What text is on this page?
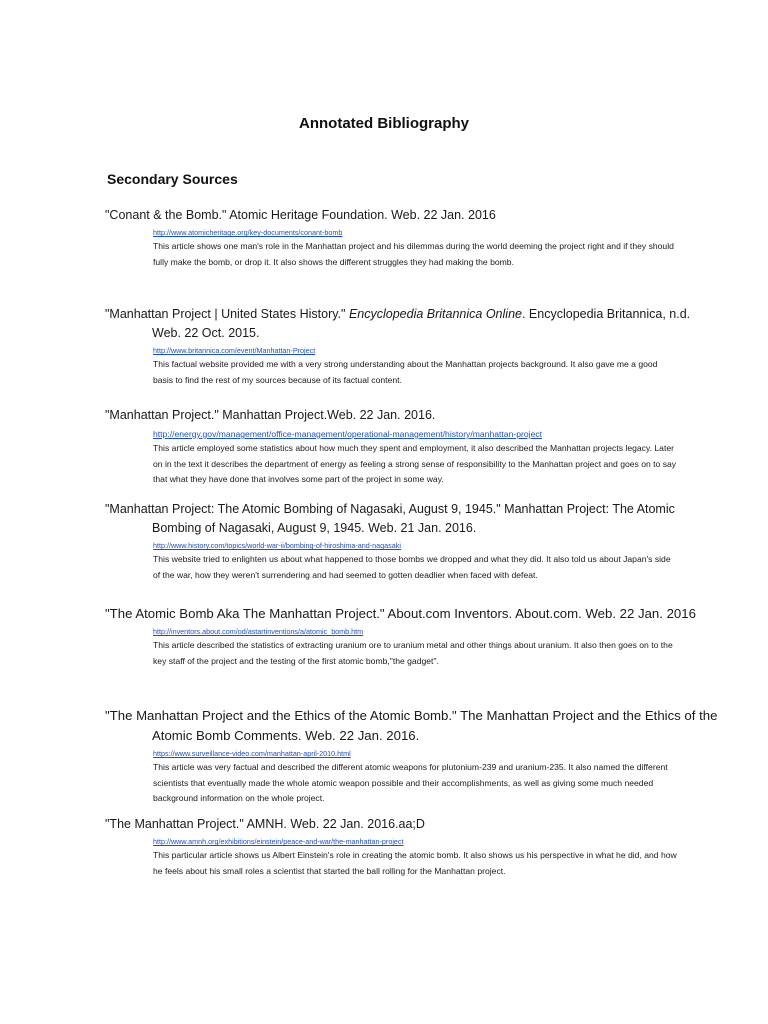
Annotated Bibliography
Secondary Sources
"Conant & the Bomb." Atomic Heritage Foundation. Web. 22 Jan. 2016
http://www.atomicheritage.org/key-documents/conant-bomb
This article shows one man's role in the Manhattan project and his dilemmas during the world deeming the project right and if they should fully make the bomb, or drop it. It also shows the different struggles they had making the bomb.
"Manhattan Project | United States History." Encyclopedia Britannica Online. Encyclopedia Britannica, n.d. Web. 22 Oct. 2015.
http://www.britannica.com/event/Manhattan-Project
This factual website provided me with a very strong understanding about the Manhattan projects background. It also gave me a good basis to find the rest of my sources because of its factual content.
"Manhattan Project." Manhattan Project.Web. 22 Jan. 2016.
http://energy.gov/management/office-management/operational-management/history/manhattan-project
This article employed some statistics about how much they spent and employment, it also described the Manhattan projects legacy. Later on in the text it describes the department of energy as feeling a strong sense of responsibility to the Manhattan project and goes on to say that what they have done that involves some part of the project in some way.
"Manhattan Project: The Atomic Bombing of Nagasaki, August 9, 1945." Manhattan Project: The Atomic Bombing of Nagasaki, August 9, 1945. Web. 21 Jan. 2016.
http://www.history.com/topics/world-war-ii/bombing-of-hiroshima-and-nagasaki
This website tried to enlighten us about what happened to those bombs we dropped and what they did. It also told us about Japan's side of the war, how they weren't surrendering and had seemed to gotten deadlier when faced with defeat.
"The Atomic Bomb Aka The Manhattan Project." About.com Inventors. About.com. Web. 22 Jan. 2016
http://inventors.about.com/od/astartinventions/a/atomic_bomb.htm
This article described the statistics of extracting uranium ore to uranium metal and other things about uranium. It also then goes on to the key staff of the project and the testing of the first atomic bomb,"the gadget".
"The Manhattan Project and the Ethics of the Atomic Bomb." The Manhattan Project and the Ethics of the Atomic Bomb Comments. Web. 22 Jan. 2016.
https://www.surveillance-video.com/manhattan-april-2010.html
This article was very factual and described the different atomic weapons for plutonium-239 and uranium-235. It also named the different scientists that eventually made the whole atomic weapon possible and their accomplishments, as well as giving some much needed background information on the whole project.
"The Manhattan Project." AMNH. Web. 22 Jan. 2016.aa;D
http://www.amnh.org/exhibitions/einstein/peace-and-war/the-manhattan-project
This particular article shows us Albert Einstein's role in creating the atomic bomb. It also shows us his perspective in what he did, and how he feels about his small roles a scientist that started the ball rolling for the Manhattan project.
